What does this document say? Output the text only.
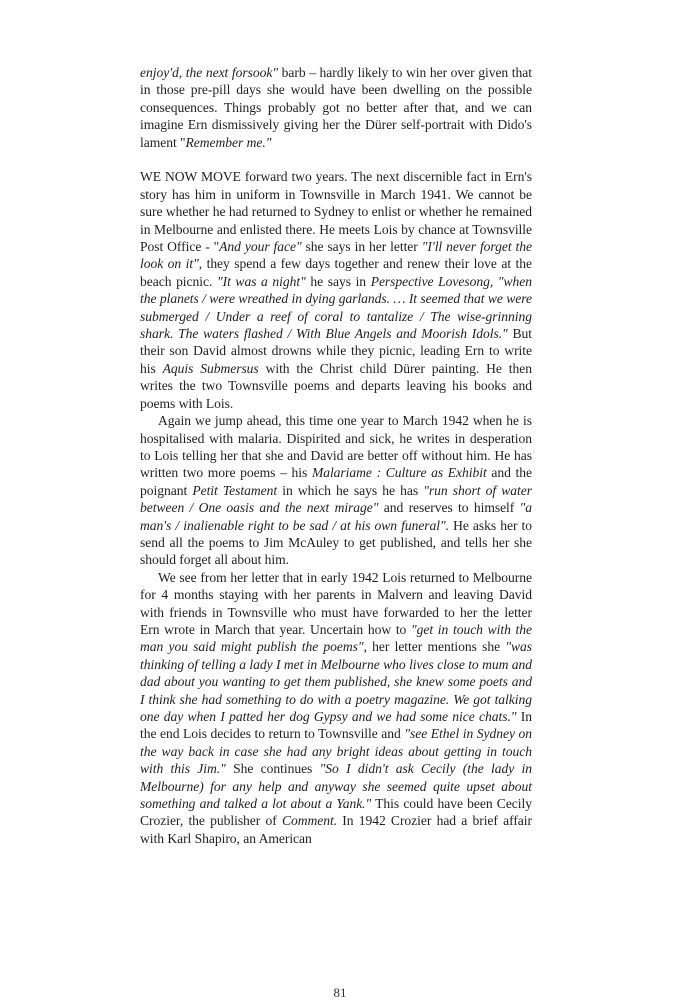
enjoy'd, the next forsook" barb – hardly likely to win her over given that in those pre-pill days she would have been dwelling on the possible consequences. Things probably got no better after that, and we can imagine Ern dismissively giving her the Dürer self-portrait with Dido's lament "Remember me."

WE NOW MOVE forward two years. The next discernible fact in Ern's story has him in uniform in Townsville in March 1941. We cannot be sure whether he had returned to Sydney to enlist or whether he remained in Melbourne and enlisted there. He meets Lois by chance at Townsville Post Office - "And your face" she says in her letter "I'll never forget the look on it", they spend a few days together and renew their love at the beach picnic. "It was a night" he says in Perspective Lovesong, "when the planets / were wreathed in dying garlands. … It seemed that we were submerged / Under a reef of coral to tantalize / The wise-grinning shark. The waters flashed / With Blue Angels and Moorish Idols." But their son David almost drowns while they picnic, leading Ern to write his Aquis Submersus with the Christ child Dürer painting. He then writes the two Townsville poems and departs leaving his books and poems with Lois.

Again we jump ahead, this time one year to March 1942 when he is hospitalised with malaria. Dispirited and sick, he writes in desperation to Lois telling her that she and David are better off without him. He has written two more poems – his Malariame : Culture as Exhibit and the poignant Petit Testament in which he says he has "run short of water between / One oasis and the next mirage" and reserves to himself "a man's / inalienable right to be sad / at his own funeral". He asks her to send all the poems to Jim McAuley to get published, and tells her she should forget all about him.

We see from her letter that in early 1942 Lois returned to Melbourne for 4 months staying with her parents in Malvern and leaving David with friends in Townsville who must have forwarded to her the letter Ern wrote in March that year. Uncertain how to "get in touch with the man you said might publish the poems", her letter mentions she "was thinking of telling a lady I met in Melbourne who lives close to mum and dad about you wanting to get them published, she knew some poets and I think she had something to do with a poetry magazine. We got talking one day when I patted her dog Gypsy and we had some nice chats." In the end Lois decides to return to Townsville and "see Ethel in Sydney on the way back in case she had any bright ideas about getting in touch with this Jim." She continues "So I didn't ask Cecily (the lady in Melbourne) for any help and anyway she seemed quite upset about something and talked a lot about a Yank." This could have been Cecily Crozier, the publisher of Comment. In 1942 Crozier had a brief affair with Karl Shapiro, an American

81
